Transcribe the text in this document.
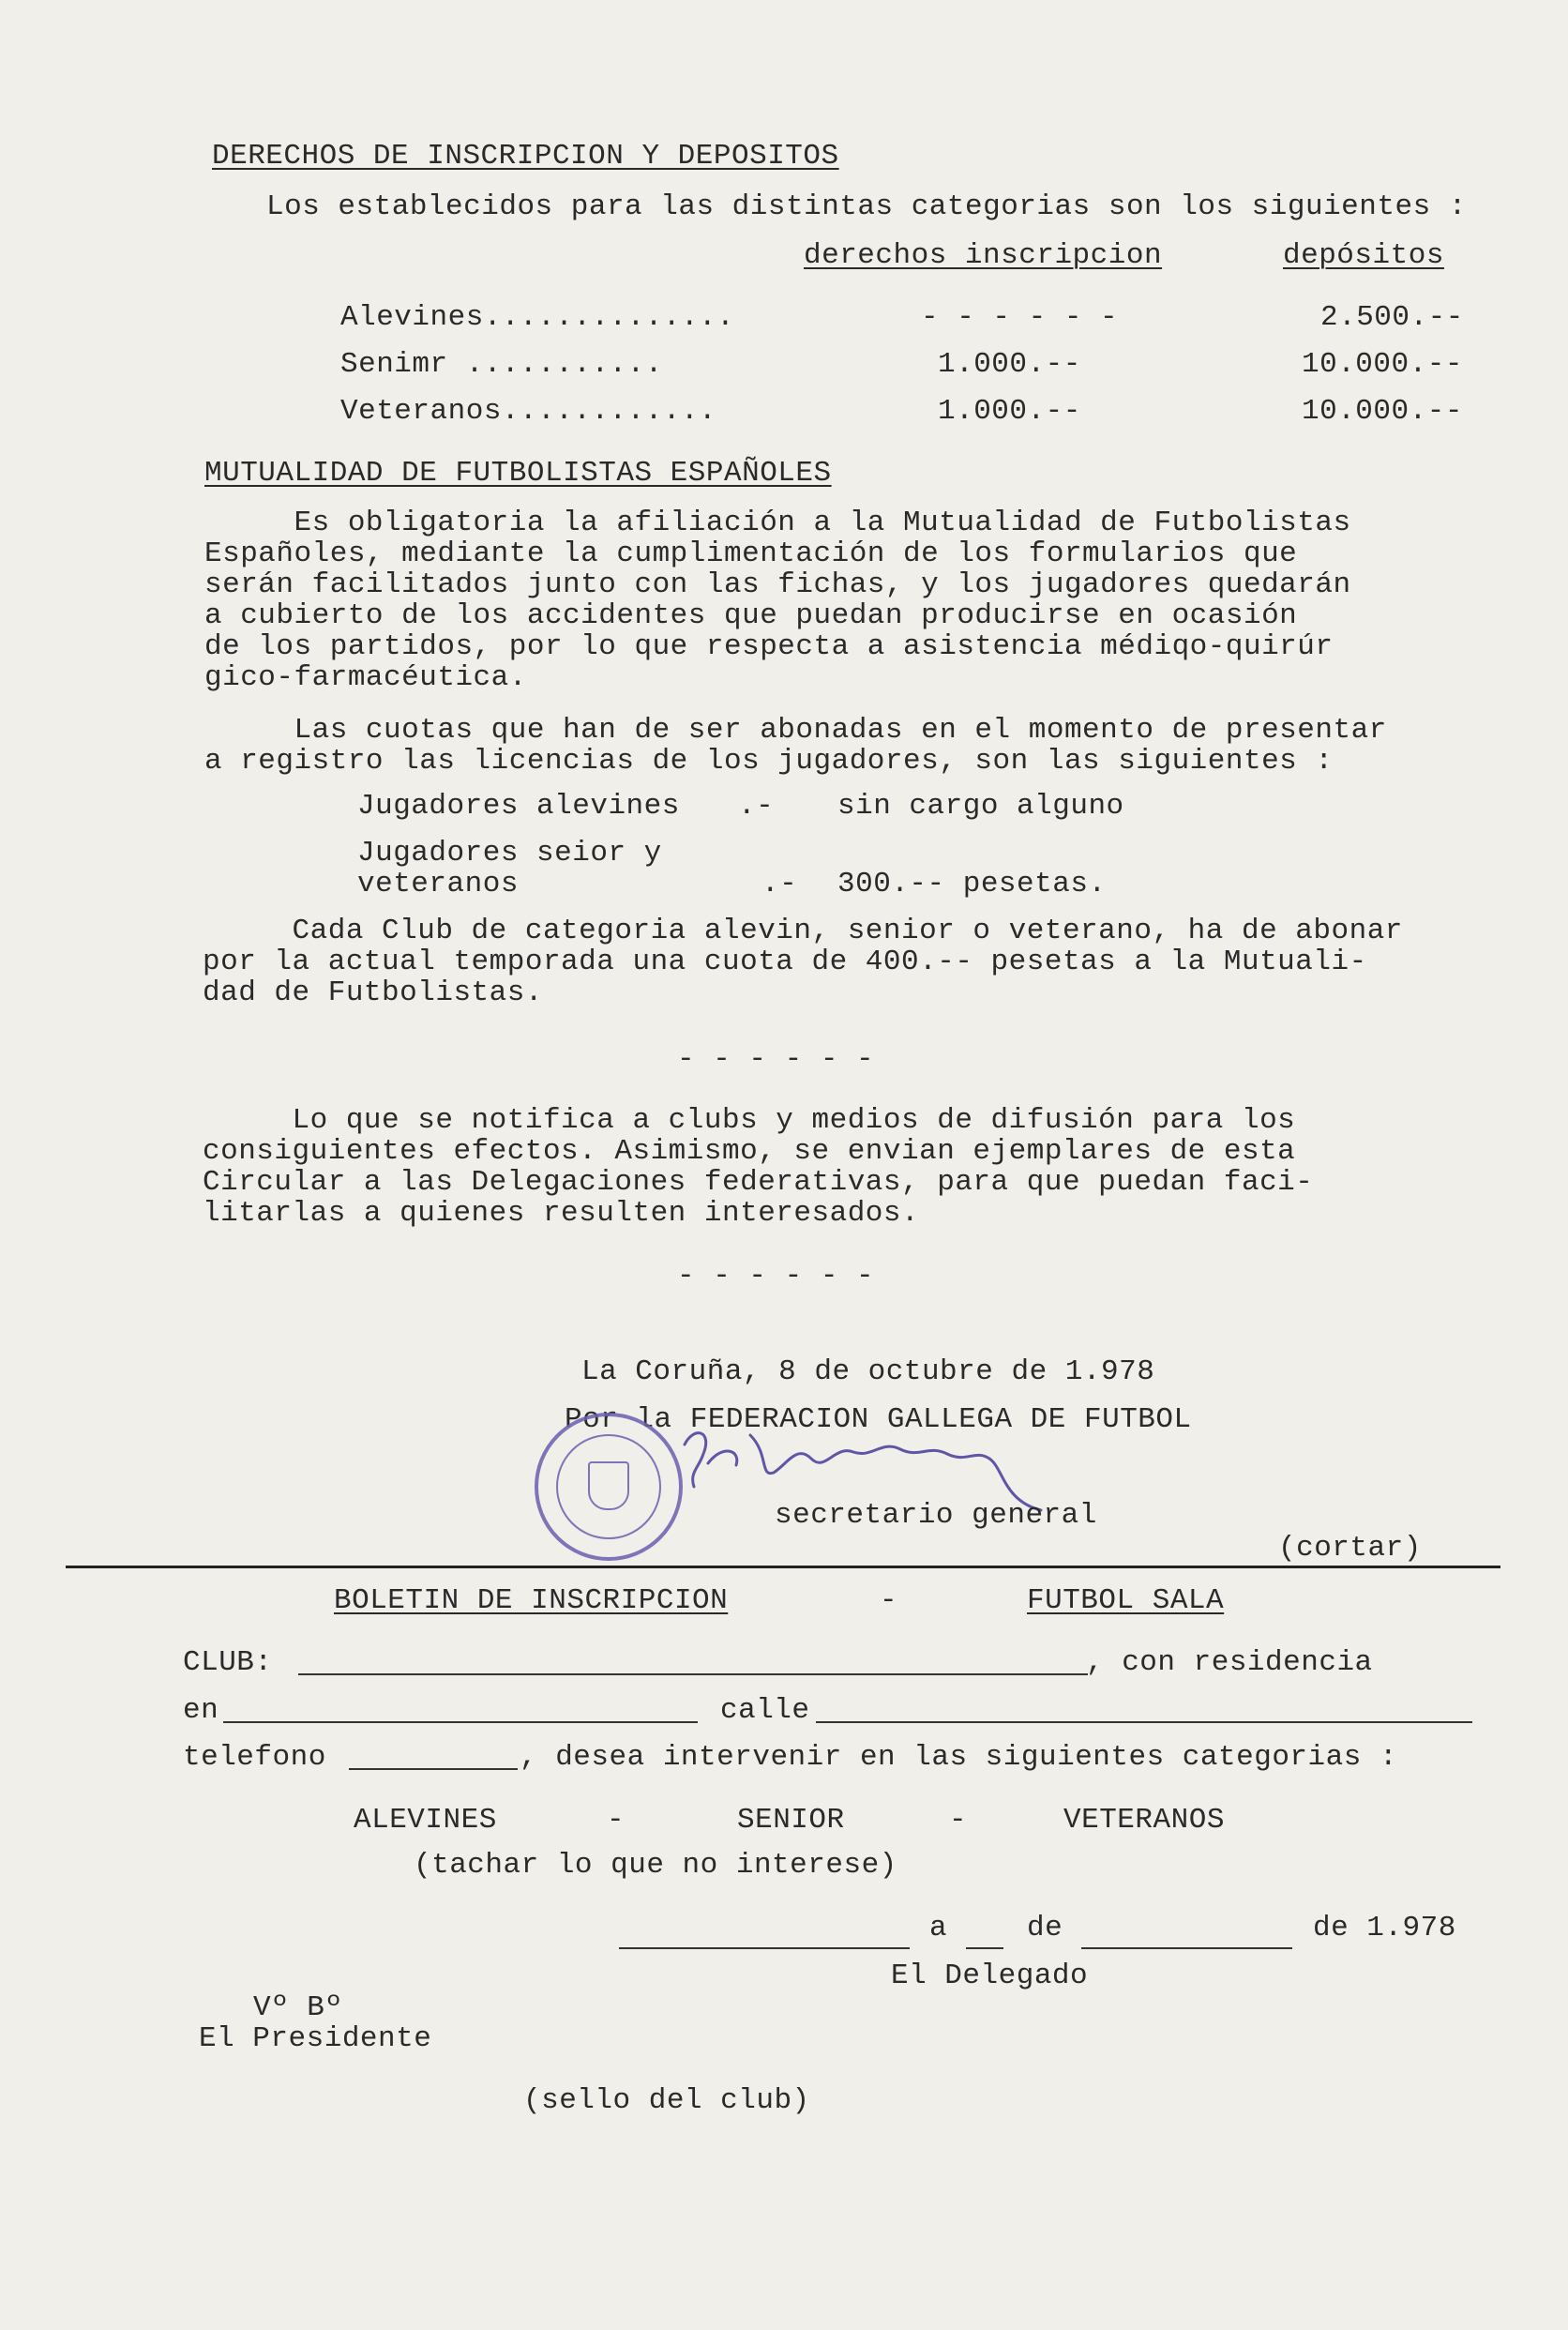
DERECHOS DE INSCRIPCION Y DEPOSITOS
Los establecidos para las distintas categorias son los siguientes :
derechos inscripcion	depósitos
Alevines..............	- - - - - -	2.500.--
Senimr ...........	1.000.--	10.000.--
Veteranos............	1.000.--	10.000.--
MUTUALIDAD DE FUTBOLISTAS ESPAÑOLES
Es obligatoria la afiliación a la Mutualidad de Futbolistas
Españoles, mediante la cumplimentación de los formularios que
serán facilitados junto con las fichas, y los jugadores quedarán
a cubierto de los accidentes que puedan producirse en ocasión
de los partidos, por lo que respecta a asistencia médiqo-quirúr
gico-farmacéutica.
Las cuotas que han de ser abonadas en el momento de presentar
a registro las licencias de los jugadores, son las siguientes :
Jugadores alevines .- sin cargo alguno
Jugadores seior y
veteranos	.- 300.-- pesetas.
Cada Club de categoria alevin, senior o veterano, ha de abonar
por la actual temporada una cuota de 400.-- pesetas a la Mutuali-
dad de Futbolistas.
- - - - - -
Lo que se notifica a clubs y medios de difusión para los
consiguientes efectos. Asimismo, se envian ejemplares de esta
Circular a las Delegaciones federativas, para que puedan faci-
litarlas a quienes resulten interesados.
- - - - - -
La Coruña, 8 de octubre de 1.978
Por la FEDERACION GALLEGA DE FUTBOL
secretario general
(cortar)
BOLETIN DE INSCRIPCION	-	FUTBOL SALA
CLUB:	, con residencia
en	calle
telefono	, desea intervenir en las siguientes categorias :
ALEVINES	-	SENIOR	-	VETERANOS
(tachar lo que no interese)
a	de	de 1.978
El Delegado
Vº Bº
El Presidente
(sello del club)
